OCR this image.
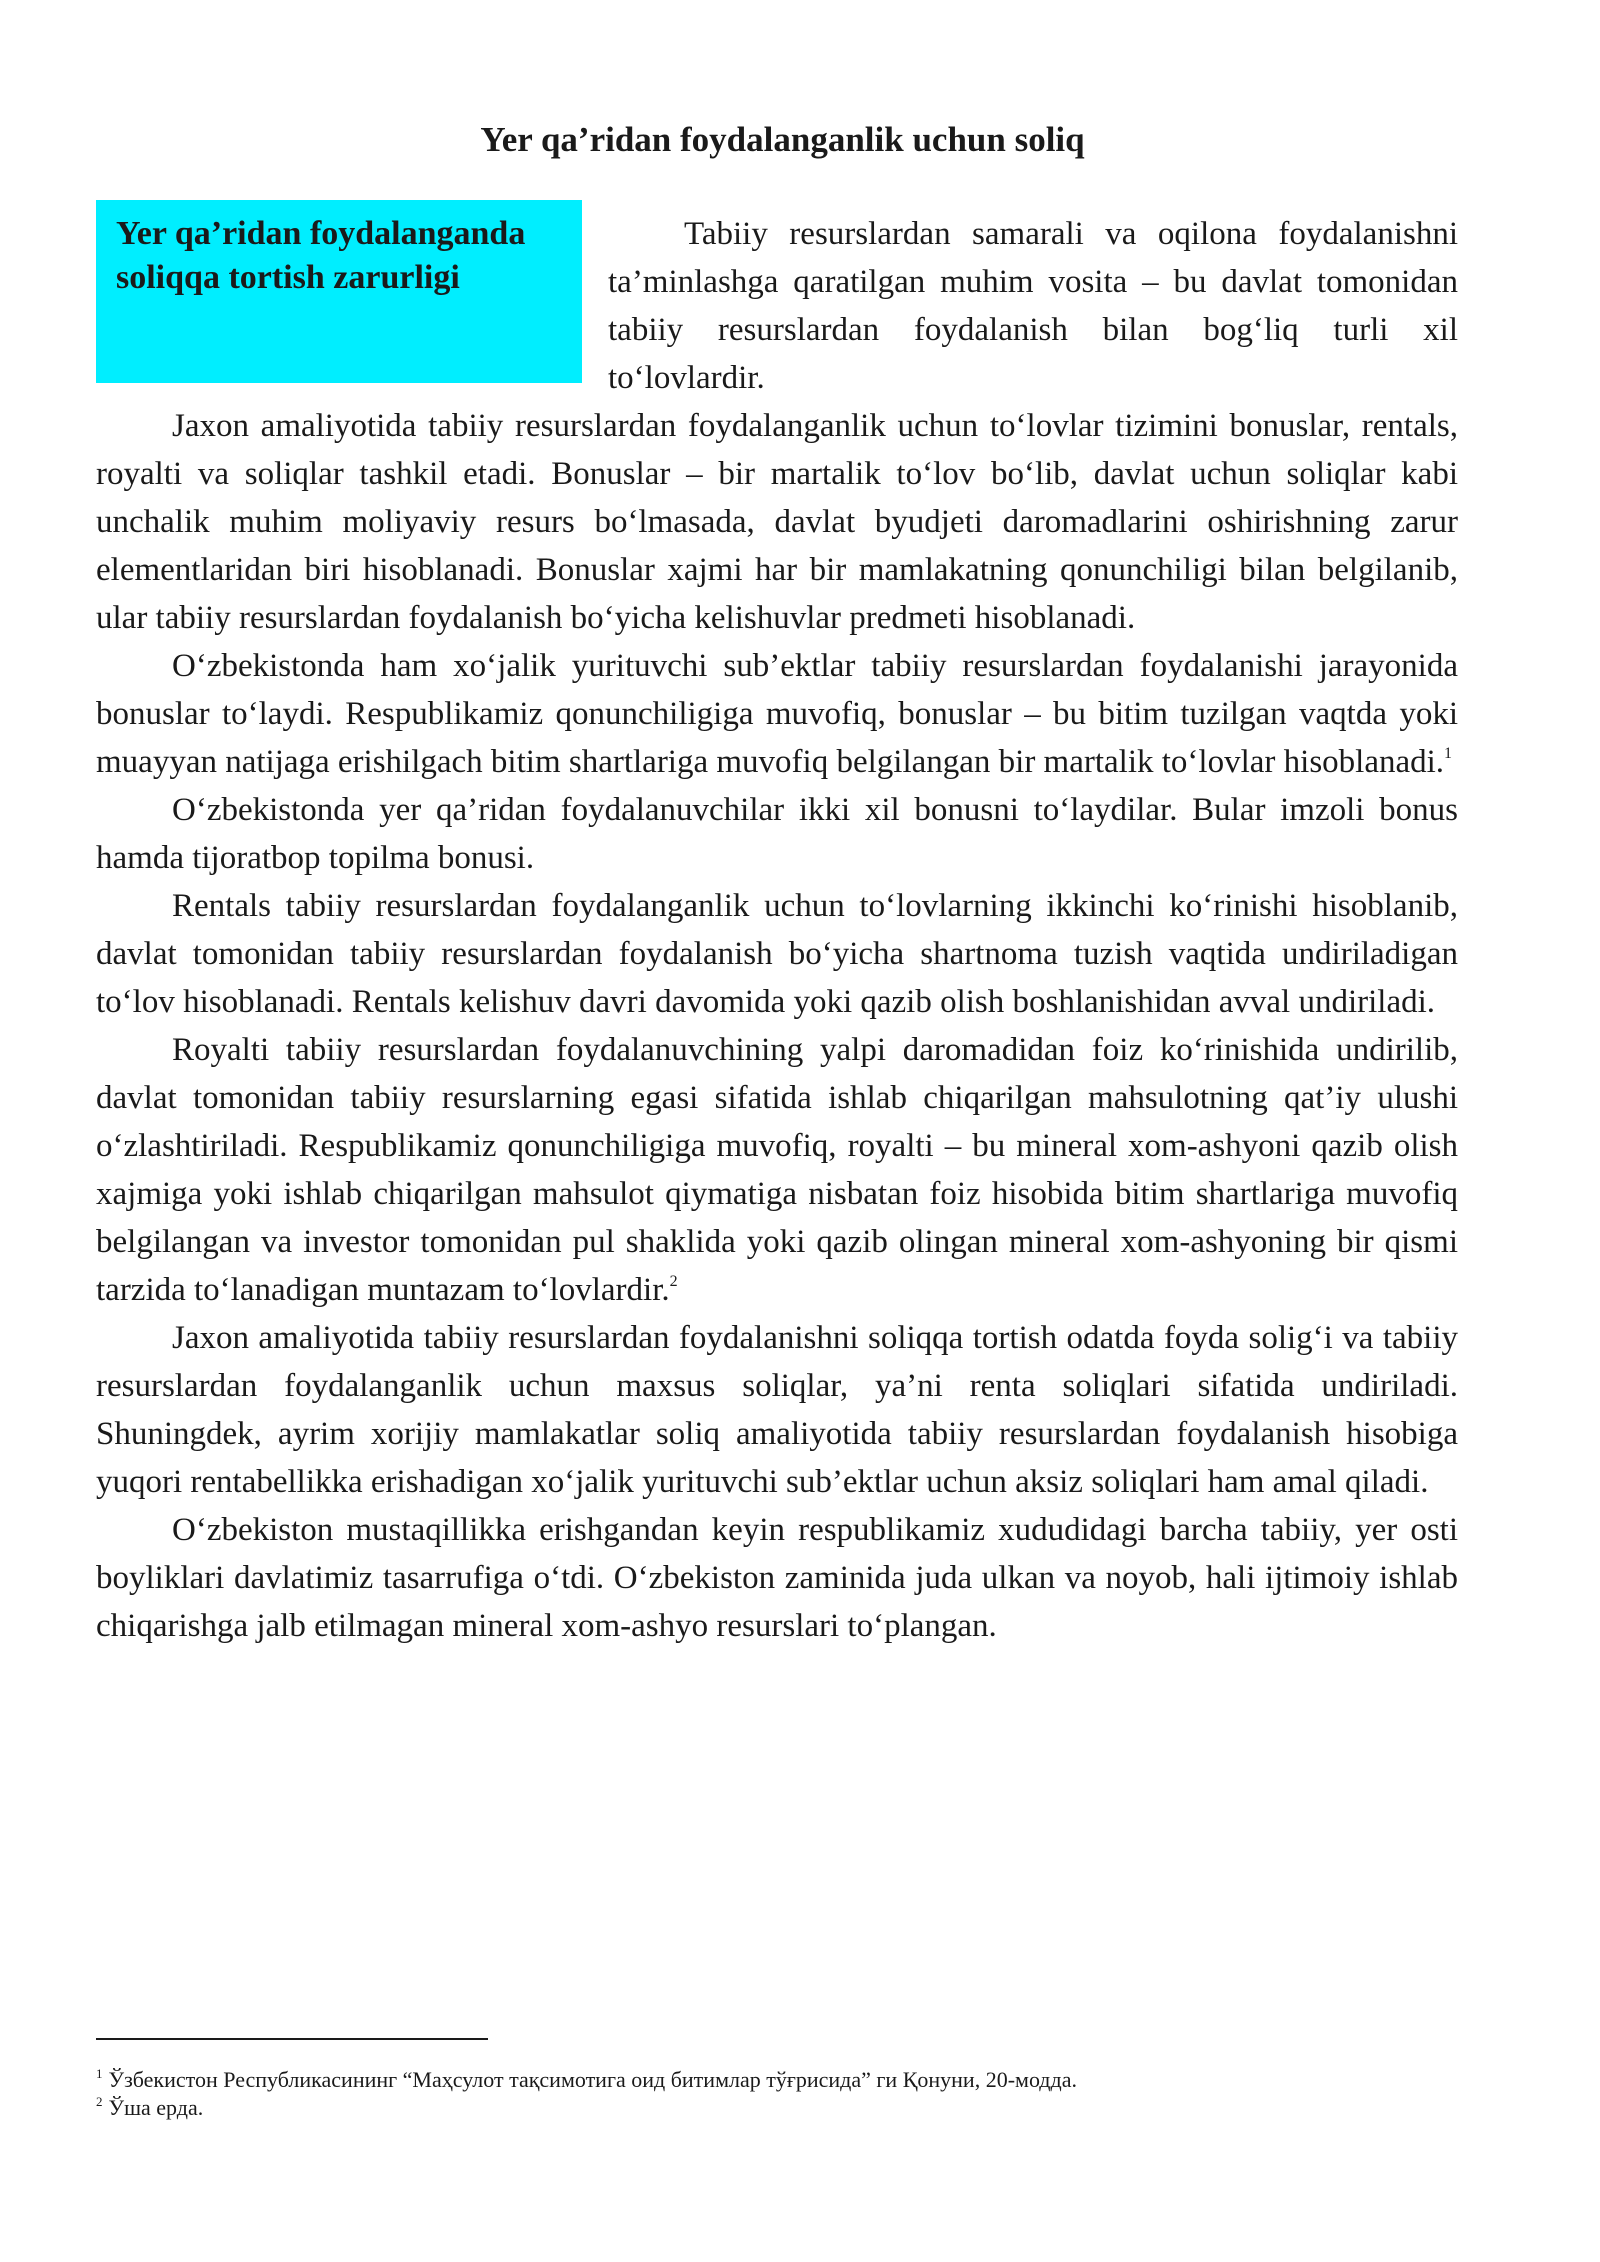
Yer qa’ridan foydalanganlik uchun soliq
Yer qa’ridan foydalanganda soliqqa tortish zarurligi

Tabiiy resurslardan samarali va oqilona foydalanishni ta’minlashga qaratilgan muhim vosita – bu davlat tomonidan tabiiy resurslardan foydalanish bilan bog‘liq turli xil to‘lovlardir.

Jaxon amaliyotida tabiiy resurslardan foydalanganlik uchun to‘lovlar tizimini bonuslar, rentals, royalti va soliqlar tashkil etadi. Bonuslar – bir martalik to‘lov bo‘lib, davlat uchun soliqlar kabi unchalik muhim moliyaviy resurs bo‘lmasada, davlat byudjeti daromadlarini oshirishning zarur elementlaridan biri hisoblanadi. Bonuslar xajmi har bir mamlakatning qonunchiligi bilan belgilanib, ular tabiiy resurslardan foydalanish bo‘yicha kelishuvlar predmeti hisoblanadi.

O‘zbekistonda ham xo‘jalik yurituvchi sub’ektlar tabiiy resurslardan foydalanishi jarayonida bonuslar to‘laydi. Respublikamiz qonunchiligiga muvofiq, bonuslar – bu bitim tuzilgan vaqtda yoki muayyan natijaga erishilgach bitim shartlariga muvofiq belgilangan bir martalik to‘lovlar hisoblanadi.$^1$

O‘zbekistonda yer qa’ridan foydalanuvchilar ikki xil bonusni to‘laydilar. Bular imzoli bonus hamda tijoratbop topilma bonusi.

Rentals tabiiy resurslardan foydalanganlik uchun to‘lovlarning ikkinchi ko‘rinishi hisoblanib, davlat tomonidan tabiiy resurslardan foydalanish bo‘yicha shartnoma tuzish vaqtida undiriladigan to‘lov hisoblanadi. Rentals kelishuv davri davomida yoki qazib olish boshlanishidan avval undiriladi.

Royalti tabiiy resurslardan foydalanuvchining yalpi daromadidan foiz ko‘rinishida undirilib, davlat tomonidan tabiiy resurslarning egasi sifatida ishlab chiqarilgan mahsulotning qat’iy ulushi o‘zlashtiriladi. Respublikamiz qonunchiligiga muvofiq, royalti – bu mineral xom-ashyoni qazib olish xajmiga yoki ishlab chiqarilgan mahsulot qiymatiga nisbatan foiz hisobida bitim shartlariga muvofiq belgilangan va investor tomonidan pul shaklida yoki qazib olingan mineral xom-ashyoning bir qismi tarzida to‘lanadigan muntazam to‘lovlardir.$^2$

Jaxon amaliyotida tabiiy resurslardan foydalanishni soliqqa tortish odatda foyda solig‘i va tabiiy resurslardan foydalanganlik uchun maxsus soliqlar, ya’ni renta soliqlari sifatida undiriladi. Shuningdek, ayrim xorijiy mamlakatlar soliq amaliyotida tabiiy resurslardan foydalanish hisobiga yuqori rentabellikka erishadigan xo‘jalik yurituvchi sub’ektlar uchun aksiz soliqlari ham amal qiladi.

O‘zbekiston mustaqillikka erishgandan keyin respublikamiz xududidagi barcha tabiiy, yer osti boyliklari davlatimiz tasarrufiga o‘tdi. O‘zbekiston zaminida juda ulkan va noyob, hali ijtimoiy ishlab chiqarishga jalb etilmagan mineral xom-ashyo resurslari to‘plangan.

$^1$ Ўзбекистон Республикасининг “Маҳсулот тақсимотига оид битимлар тўғрисида” ги Қонуни, 20-модда.
$^2$ Ўша ерда.
